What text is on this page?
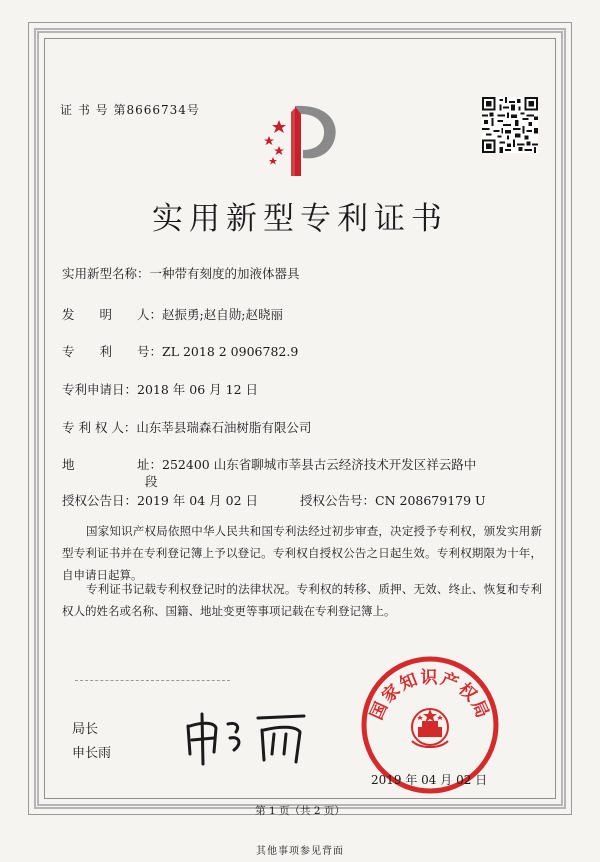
证 书 号 第8666734号
实用新型专利证书
实用新型名称：一种带有刻度的加液体器具
发　　明　　人：赵振勇;赵自勋;赵晓丽
专　　利　　号：ZL 2018 2 0906782.9
专利申请日：2018 年 06 月 12 日
专 利 权 人：山东莘县瑞森石油树脂有限公司
地　　　　　址：252400 山东省聊城市莘县古云经济技术开发区祥云路中
段
授权公告日：2019 年 04 月 02 日	授权公告号：CN 208679179 U
国家知识产权局依照中华人民共和国专利法经过初步审查，决定授予专利权，颁发实用新型专利证书并在专利登记簿上予以登记。专利权自授权公告之日起生效。专利权期限为十年，自申请日起算。
专利证书记载专利权登记时的法律状况。专利权的转移、质押、无效、终止、恢复和专利权人的姓名或名称、国籍、地址变更等事项记载在专利登记簿上。
局长
申长雨
国家知识产权局
2019 年 04 月 02 日
第 1 页（共 2 页）
其他事项参见背面
